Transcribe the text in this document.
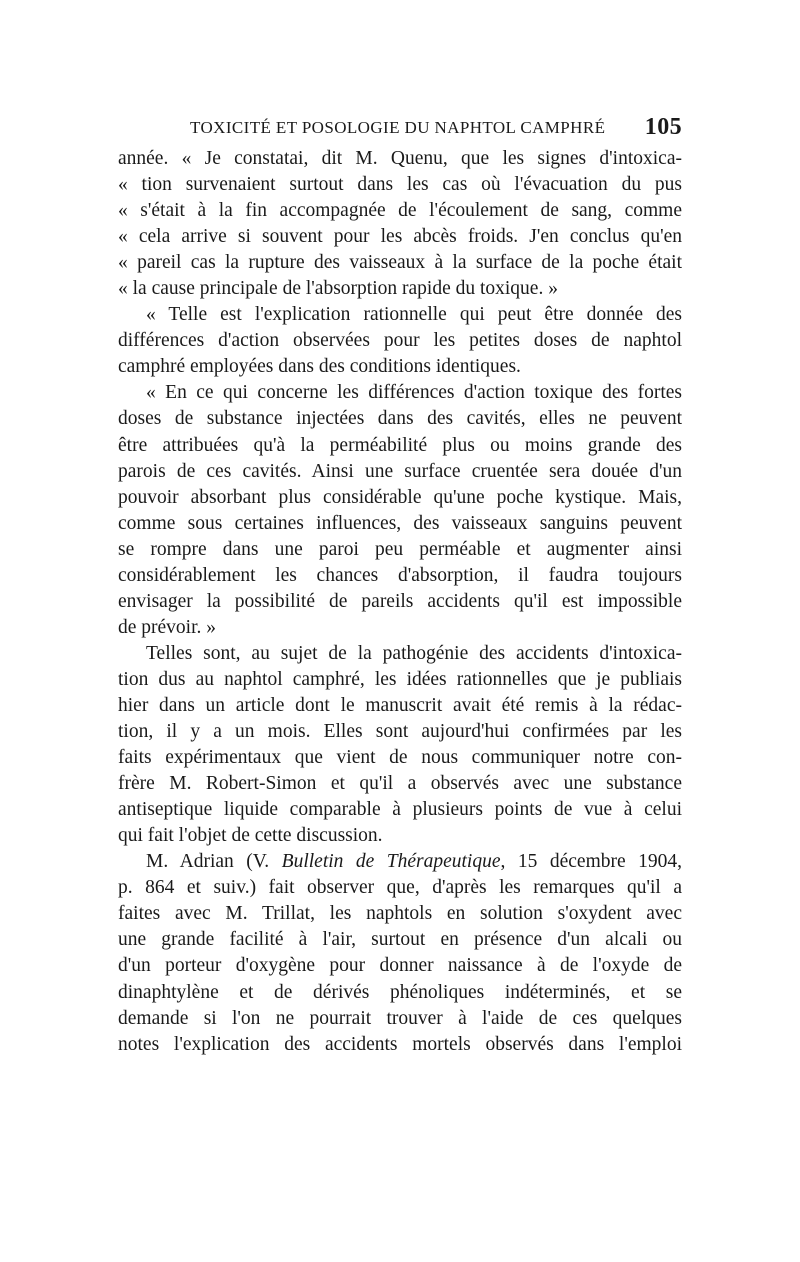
TOXICITÉ ET POSOLOGIE DU NAPHTOL CAMPHRÉ 105
année. « Je constatai, dit M. Quenu, que les signes d'intoxica-
« tion survenaient surtout dans les cas où l'évacuation du pus
« s'était à la fin accompagnée de l'écoulement de sang, comme
« cela arrive si souvent pour les abcès froids. J'en conclus qu'en
« pareil cas la rupture des vaisseaux à la surface de la poche était
« la cause principale de l'absorption rapide du toxique. »
« Telle est l'explication rationnelle qui peut être donnée des
différences d'action observées pour les petites doses de naphtol
camphré employées dans des conditions identiques.
« En ce qui concerne les différences d'action toxique des fortes
doses de substance injectées dans des cavités, elles ne peuvent
être attribuées qu'à la perméabilité plus ou moins grande des
parois de ces cavités. Ainsi une surface cruentée sera douée d'un
pouvoir absorbant plus considérable qu'une poche kystique. Mais,
comme sous certaines influences, des vaisseaux sanguins peuvent
se rompre dans une paroi peu perméable et augmenter ainsi
considérablement les chances d'absorption, il faudra toujours
envisager la possibilité de pareils accidents qu'il est impossible
de prévoir. »
Telles sont, au sujet de la pathogénie des accidents d'intoxica-
tion dus au naphtol camphré, les idées rationnelles que je publiais
hier dans un article dont le manuscrit avait été remis à la rédac-
tion, il y a un mois. Elles sont aujourd'hui confirmées par les
faits expérimentaux que vient de nous communiquer notre con-
frère M. Robert-Simon et qu'il a observés avec une substance
antiseptique liquide comparable à plusieurs points de vue à celui
qui fait l'objet de cette discussion.
M. Adrian (V. Bulletin de Thérapeutique, 15 décembre 1904,
p. 864 et suiv.) fait observer que, d'après les remarques qu'il a
faites avec M. Trillat, les naphtols en solution s'oxydent avec
une grande facilité à l'air, surtout en présence d'un alcali ou
d'un porteur d'oxygène pour donner naissance à de l'oxyde de
dinaphtylène et de dérivés phénoliques indéterminés, et se
demande si l'on ne pourrait trouver à l'aide de ces quelques
notes l'explication des accidents mortels observés dans l'emploi
